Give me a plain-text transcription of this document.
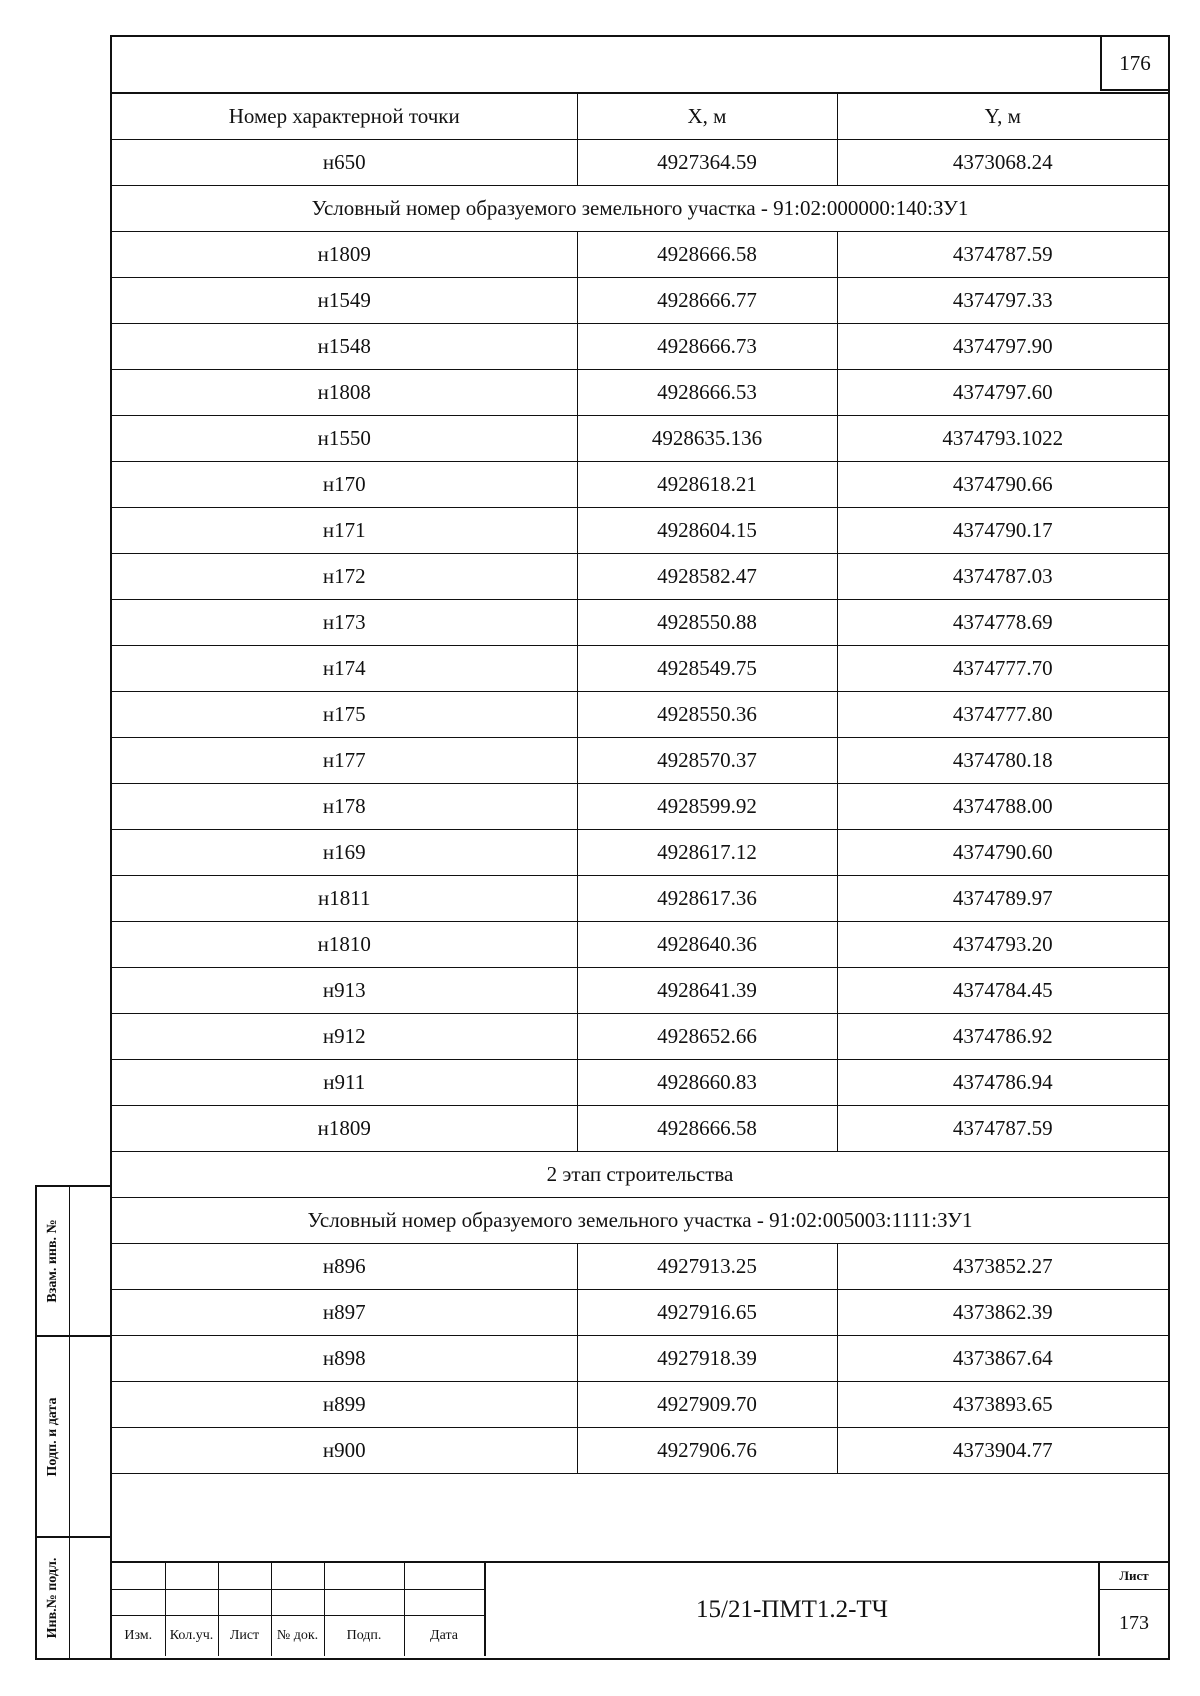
176
Номер характерной точки	X, м	Y, м
н650	4927364.59	4373068.24
Условный номер образуемого земельного участка - 91:02:000000:140:ЗУ1		
н1809	4928666.58	4374787.59
н1549	4928666.77	4374797.33
н1548	4928666.73	4374797.90
н1808	4928666.53	4374797.60
н1550	4928635.136	4374793.1022
н170	4928618.21	4374790.66
н171	4928604.15	4374790.17
н172	4928582.47	4374787.03
н173	4928550.88	4374778.69
н174	4928549.75	4374777.70
н175	4928550.36	4374777.80
н177	4928570.37	4374780.18
н178	4928599.92	4374788.00
н169	4928617.12	4374790.60
н1811	4928617.36	4374789.97
н1810	4928640.36	4374793.20
н913	4928641.39	4374784.45
н912	4928652.66	4374786.92
н911	4928660.83	4374786.94
н1809	4928666.58	4374787.59
2 этап строительства		
Условный номер образуемого земельного участка - 91:02:005003:1111:ЗУ1		
н896	4927913.25	4373852.27
н897	4927916.65	4373862.39
н898	4927918.39	4373867.64
н899	4927909.70	4373893.65
н900	4927906.76	4373904.77

Изм.	Кол.уч.	Лист	№ док.	Подп.	Дата
15/21-ПМТ1.2-ТЧ
Лист
173
Взам. инв. №
Подп. и дата
Инв.№ подл.
